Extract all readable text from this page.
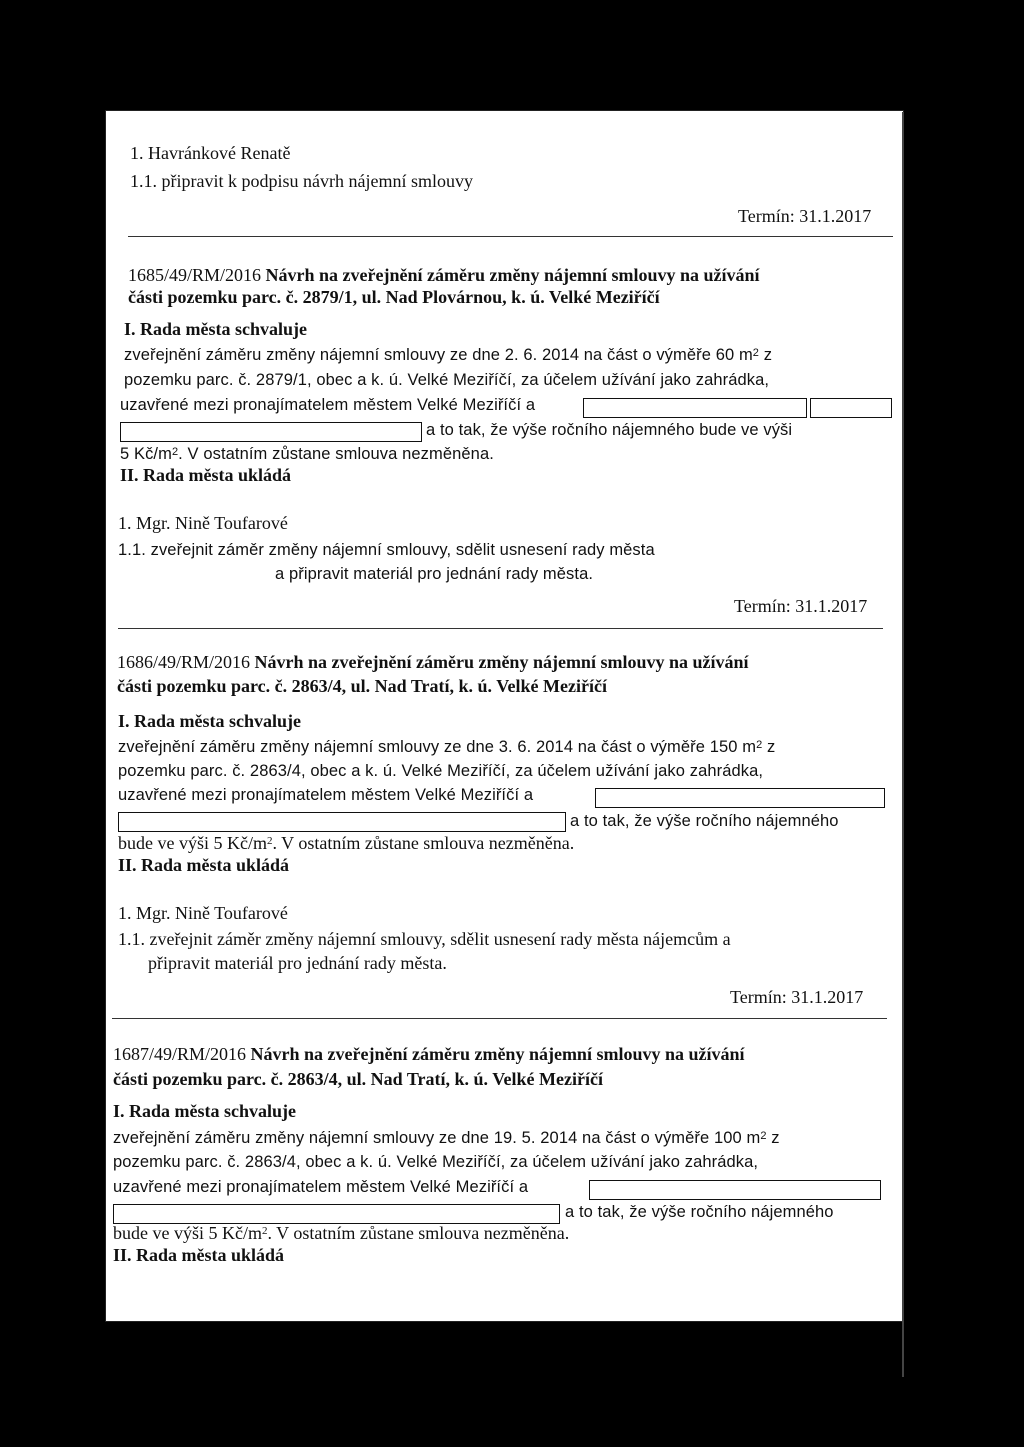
1. Havránkové Renatě
1.1. připravit k podpisu návrh nájemní smlouvy
Termín: 31.1.2017
1685/49/RM/2016 Návrh na zveřejnění záměru změny nájemní smlouvy na užívání
části pozemku parc. č. 2879/1, ul. Nad Plovárnou, k. ú. Velké Meziříčí
I. Rada města schvaluje
zveřejnění záměru změny nájemní smlouvy ze dne 2. 6. 2014 na část o výměře 60 $m^2$ z
pozemku parc. č. 2879/1, obec a k. ú. Velké Meziříčí, za účelem užívání jako zahrádka,
uzavřené mezi pronajímatelem městem Velké Meziříčí a
a to tak, že výše ročního nájemného bude ve výši
5 $Kč/m^2$. V ostatním zůstane smlouva nezměněna.
II. Rada města ukládá
1. Mgr. Nině Toufarové
1.1. zveřejnit záměr změny nájemní smlouvy, sdělit usnesení rady města
a připravit materiál pro jednání rady města.
Termín: 31.1.2017
1686/49/RM/2016 Návrh na zveřejnění záměru změny nájemní smlouvy na užívání
části pozemku parc. č. 2863/4, ul. Nad Tratí, k. ú. Velké Meziříčí
I. Rada města schvaluje
zveřejnění záměru změny nájemní smlouvy ze dne 3. 6. 2014 na část o výměře 150 $m^2$ z
pozemku parc. č. 2863/4, obec a k. ú. Velké Meziříčí, za účelem užívání jako zahrádka,
uzavřené mezi pronajímatelem městem Velké Meziříčí a
a to tak, že výše ročního nájemného
bude ve výši 5 $Kč/m^2$. V ostatním zůstane smlouva nezměněna.
II. Rada města ukládá
1. Mgr. Nině Toufarové
1.1. zveřejnit záměr změny nájemní smlouvy, sdělit usnesení rady města nájemcům a
připravit materiál pro jednání rady města.
Termín: 31.1.2017
1687/49/RM/2016 Návrh na zveřejnění záměru změny nájemní smlouvy na užívání
části pozemku parc. č. 2863/4, ul. Nad Tratí, k. ú. Velké Meziříčí
I. Rada města schvaluje
zveřejnění záměru změny nájemní smlouvy ze dne 19. 5. 2014 na část o výměře 100 $m^2$ z
pozemku parc. č. 2863/4, obec a k. ú. Velké Meziříčí, za účelem užívání jako zahrádka,
uzavřené mezi pronajímatelem městem Velké Meziříčí a
a to tak, že výše ročního nájemného
bude ve výši 5 $Kč/m^2$. V ostatním zůstane smlouva nezměněna.
II. Rada města ukládá
